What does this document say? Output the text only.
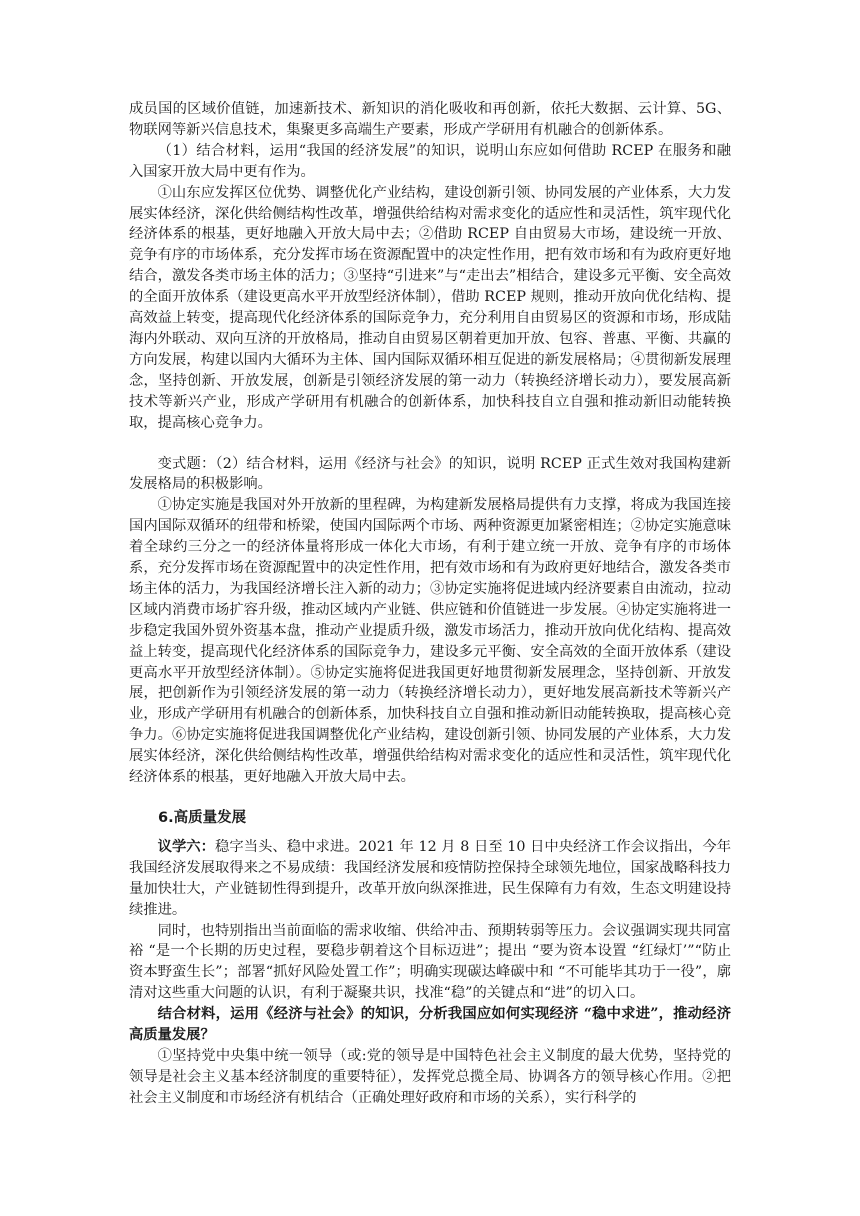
成员国的区域价值链，加速新技术、新知识的消化吸收和再创新，依托大数据、云计算、5G、物联网等新兴信息技术，集聚更多高端生产要素，形成产学研用有机融合的创新体系。

（1）结合材料，运用“我国的经济发展”的知识，说明山东应如何借助 RCEP 在服务和融入国家开放大局中更有作为。

①山东应发挥区位优势、调整优化产业结构，建设创新引领、协同发展的产业体系，大力发展实体经济，深化供给侧结构性改革，增强供给结构对需求变化的适应性和灵活性，筑牢现代化经济体系的根基，更好地融入开放大局中去；②借助 RCEP 自由贸易大市场，建设统一开放、竞争有序的市场体系，充分发挥市场在资源配置中的决定性作用，把有效市场和有为政府更好地结合，激发各类市场主体的活力；③坚持“引进来”与“走出去”相结合，建设多元平衡、安全高效的全面开放体系（建设更高水平开放型经济体制），借助 RCEP 规则，推动开放向优化结构、提高效益上转变，提高现代化经济体系的国际竞争力，充分利用自由贸易区的资源和市场，形成陆海内外联动、双向互济的开放格局，推动自由贸易区朝着更加开放、包容、普惠、平衡、共赢的方向发展，构建以国内大循环为主体、国内国际双循环相互促进的新发展格局；④贯彻新发展理念，坚持创新、开放发展，创新是引领经济发展的第一动力（转换经济增长动力），要发展高新技术等新兴产业，形成产学研用有机融合的创新体系，加快科技自立自强和推动新旧动能转换取，提高核心竞争力。

变式题：（2）结合材料，运用《经济与社会》的知识，说明 RCEP 正式生效对我国构建新发展格局的积极影响。

①协定实施是我国对外开放新的里程碑，为构建新发展格局提供有力支撑，将成为我国连接国内国际双循环的纽带和桥梁，使国内国际两个市场、两种资源更加紧密相连；②协定实施意味着全球约三分之一的经济体量将形成一体化大市场，有利于建立统一开放、竞争有序的市场体系，充分发挥市场在资源配置中的决定性作用，把有效市场和有为政府更好地结合，激发各类市场主体的活力，为我国经济增长注入新的动力；③协定实施将促进域内经济要素自由流动，拉动区域内消费市场扩容升级，推动区域内产业链、供应链和价值链进一步发展。④协定实施将进一步稳定我国外贸外资基本盘，推动产业提质升级，激发市场活力，推动开放向优化结构、提高效益上转变，提高现代化经济体系的国际竞争力，建设多元平衡、安全高效的全面开放体系（建设更高水平开放型经济体制）。⑤协定实施将促进我国更好地贯彻新发展理念，坚持创新、开放发展，把创新作为引领经济发展的第一动力（转换经济增长动力），更好地发展高新技术等新兴产业，形成产学研用有机融合的创新体系，加快科技自立自强和推动新旧动能转换取，提高核心竞争力。⑥协定实施将促进我国调整优化产业结构，建设创新引领、协同发展的产业体系，大力发展实体经济，深化供给侧结构性改革，增强供给结构对需求变化的适应性和灵活性，筑牢现代化经济体系的根基，更好地融入开放大局中去。

6.高质量发展

议学六：稳字当头、稳中求进。2021 年 12 月 8 日至 10 日中央经济工作会议指出，今年我国经济发展取得来之不易成绩：我国经济发展和疫情防控保持全球领先地位，国家战略科技力量加快壮大，产业链韧性得到提升，改革开放向纵深推进，民生保障有力有效，生态文明建设持续推进。

同时，也特别指出当前面临的需求收缩、供给冲击、预期转弱等压力。会议强调实现共同富裕 “是一个长期的历史过程，要稳步朝着这个目标迈进”；提出 “要为资本设置 “红绿灯’”“防止资本野蛮生长”；部署“抓好风险处置工作”；明确实现碳达峰碳中和 “不可能毕其功于一役”，廓清对这些重大问题的认识，有利于凝聚共识，找准“稳”的关键点和“进”的切入口。

结合材料，运用《经济与社会》的知识，分析我国应如何实现经济 “稳中求进”，推动经济高质量发展？

①坚持党中央集中统一领导（或:党的领导是中国特色社会主义制度的最大优势，坚持党的领导是社会主义基本经济制度的重要特征），发挥党总揽全局、协调各方的领导核心作用。②把社会主义制度和市场经济有机结合（正确处理好政府和市场的关系），实行科学的
